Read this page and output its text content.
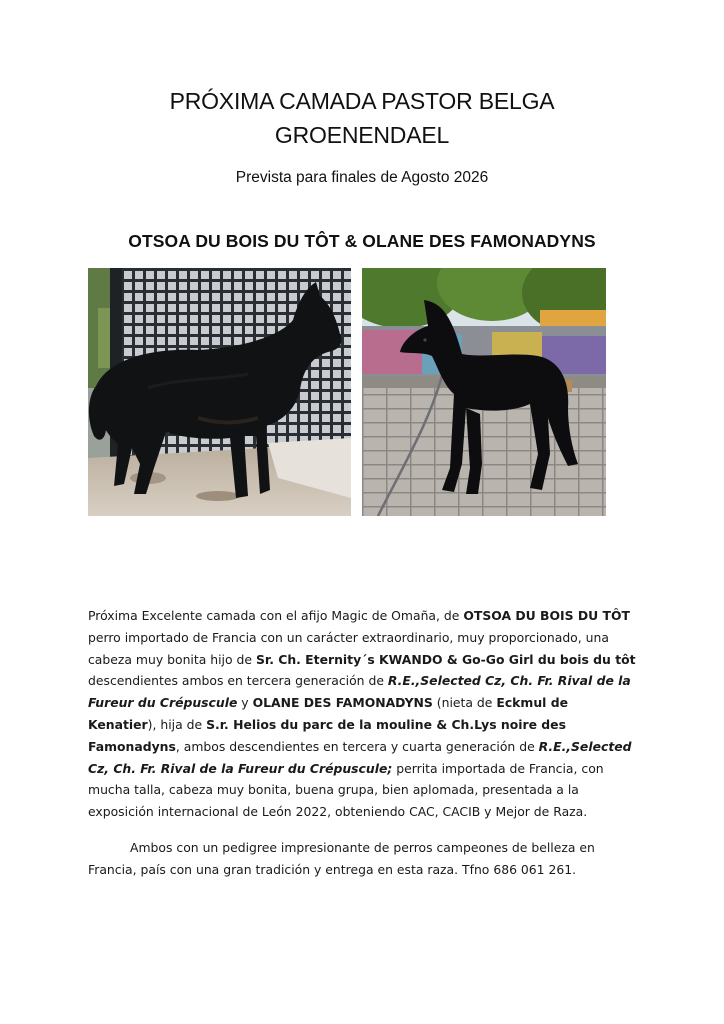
PRÓXIMA CAMADA PASTOR BELGA
GROENENDAEL
Prevista para finales de Agosto 2026
OTSOA DU BOIS DU TÔT & OLANE DES FAMONADYNS

Próxima Excelente camada con el afijo Magic de Omaña, de OTSOA DU BOIS DU TÔT perro importado de Francia con un carácter extraordinario, muy proporcionado, una cabeza muy bonita hijo de Sr. Ch. Eternity´s KWANDO & Go-Go Girl du bois du tôt descendientes ambos en tercera generación de R.E.,Selected Cz, Ch. Fr. Rival de la Fureur du Crépuscule y OLANE DES FAMONADYNS (nieta de Eckmul de Kenatier), hija de S.r. Helios du parc de la mouline & Ch.Lys noire des Famonadyns, ambos descendientes en tercera y cuarta generación de R.E.,Selected Cz, Ch. Fr. Rival de la Fureur du Crépuscule; perrita importada de Francia, con mucha talla, cabeza muy bonita, buena grupa, bien aplomada, presentada a la exposición internacional de León 2022, obteniendo CAC, CACIB y Mejor de Raza.

Ambos con un pedigree impresionante de perros campeones de belleza en Francia, país con una gran tradición y entrega en esta raza. Tfno 686 061 261.
